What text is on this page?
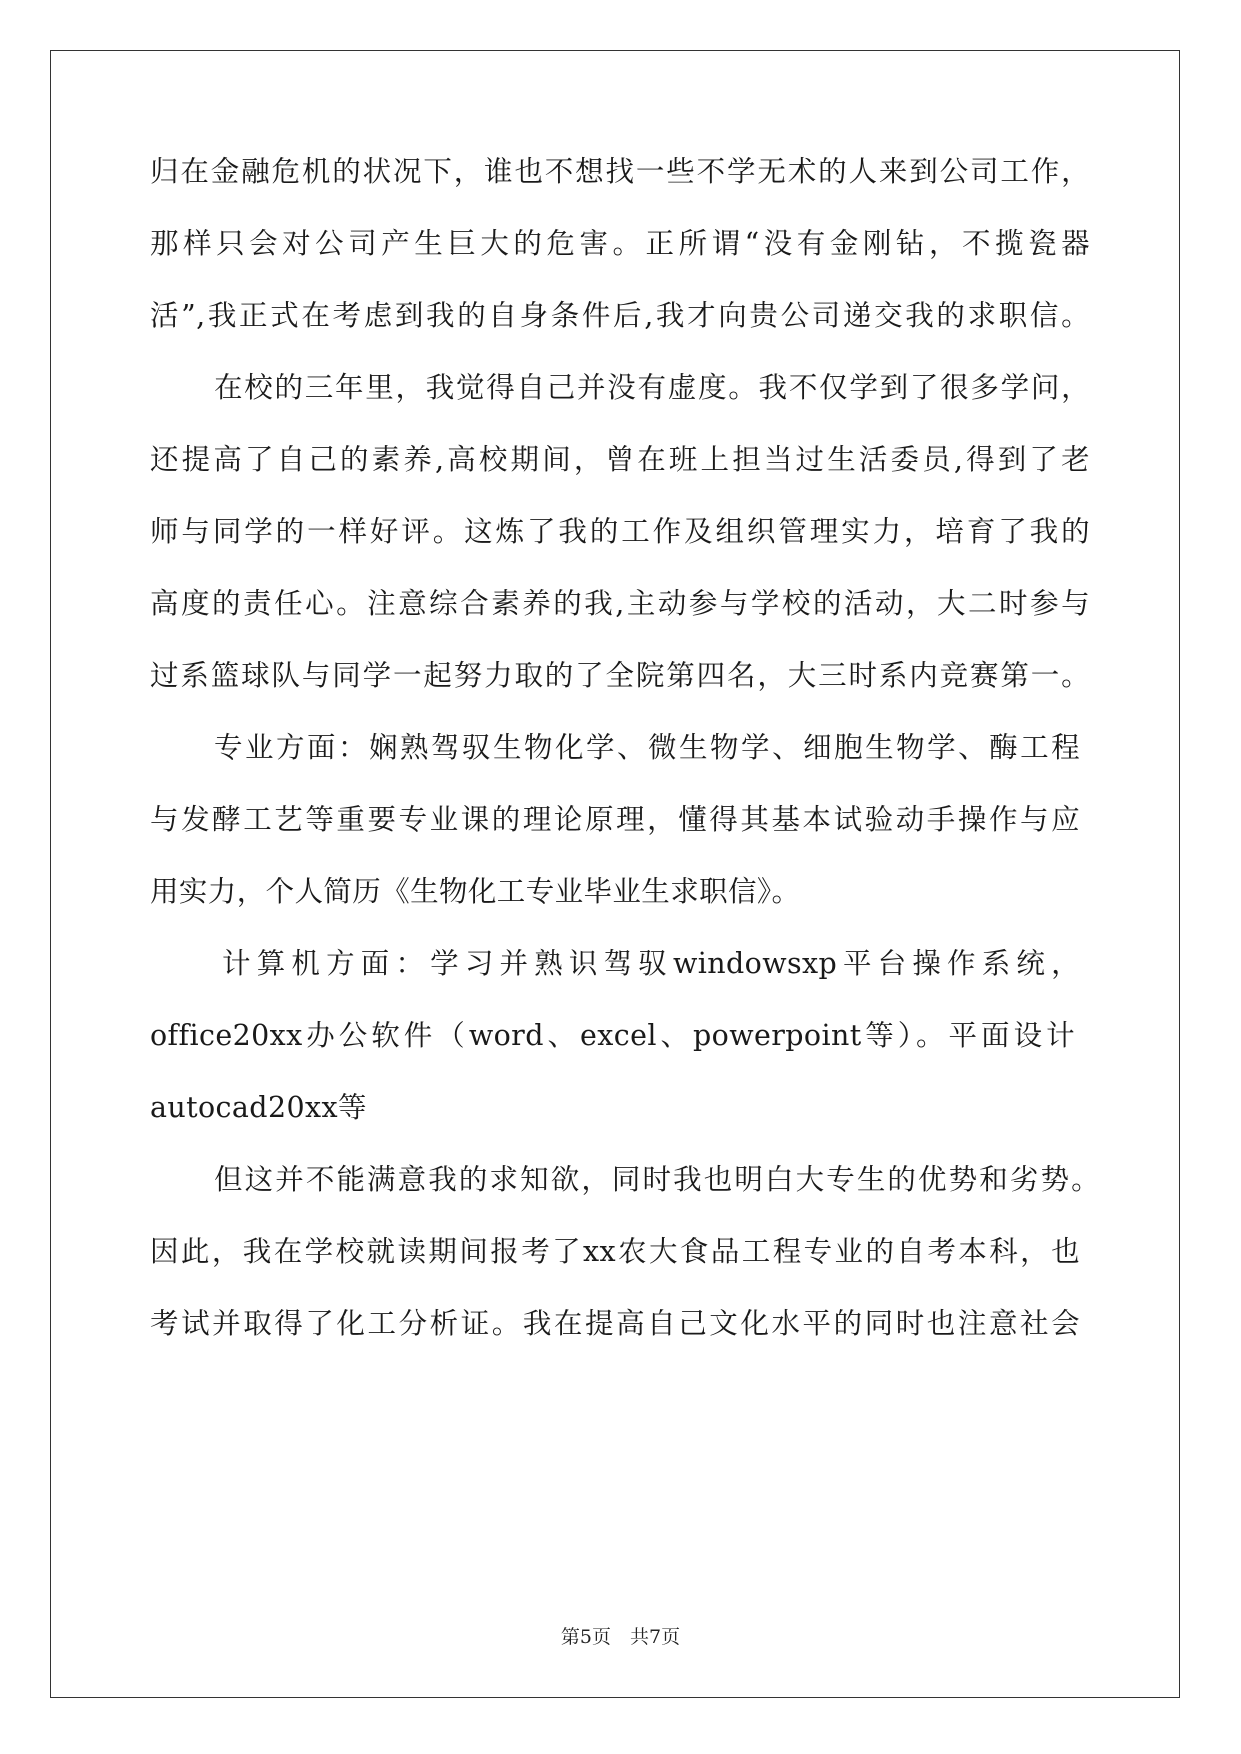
归在金融危机的状况下，谁也不想找一些不学无术的人来到公司工作，
那样只会对公司产生巨大的危害。正所谓“没有金刚钻，不揽瓷器
活”,我正式在考虑到我的自身条件后,我才向贵公司递交我的求职信。
在校的三年里，我觉得自己并没有虚度。我不仅学到了很多学问，
还提高了自己的素养,高校期间，曾在班上担当过生活委员,得到了老
师与同学的一样好评。这炼了我的工作及组织管理实力，培育了我的
高度的责任心。注意综合素养的我,主动参与学校的活动，大二时参与
过系篮球队与同学一起努力取的了全院第四名，大三时系内竞赛第一。
专业方面：娴熟驾驭生物化学、微生物学、细胞生物学、酶工程
与发酵工艺等重要专业课的理论原理，懂得其基本试验动手操作与应
用实力，个人简历《生物化工专业毕业生求职信》。
计算机方面：学习并熟识驾驭windowsxp平台操作系统，
office20xx办公软件（word、excel、powerpoint等）。平面设计
autocad20xx等
但这并不能满意我的求知欲，同时我也明白大专生的优势和劣势。
因此，我在学校就读期间报考了xx农大食品工程专业的自考本科，也
考试并取得了化工分析证。我在提高自己文化水平的同时也注意社会
第5页　共7页
